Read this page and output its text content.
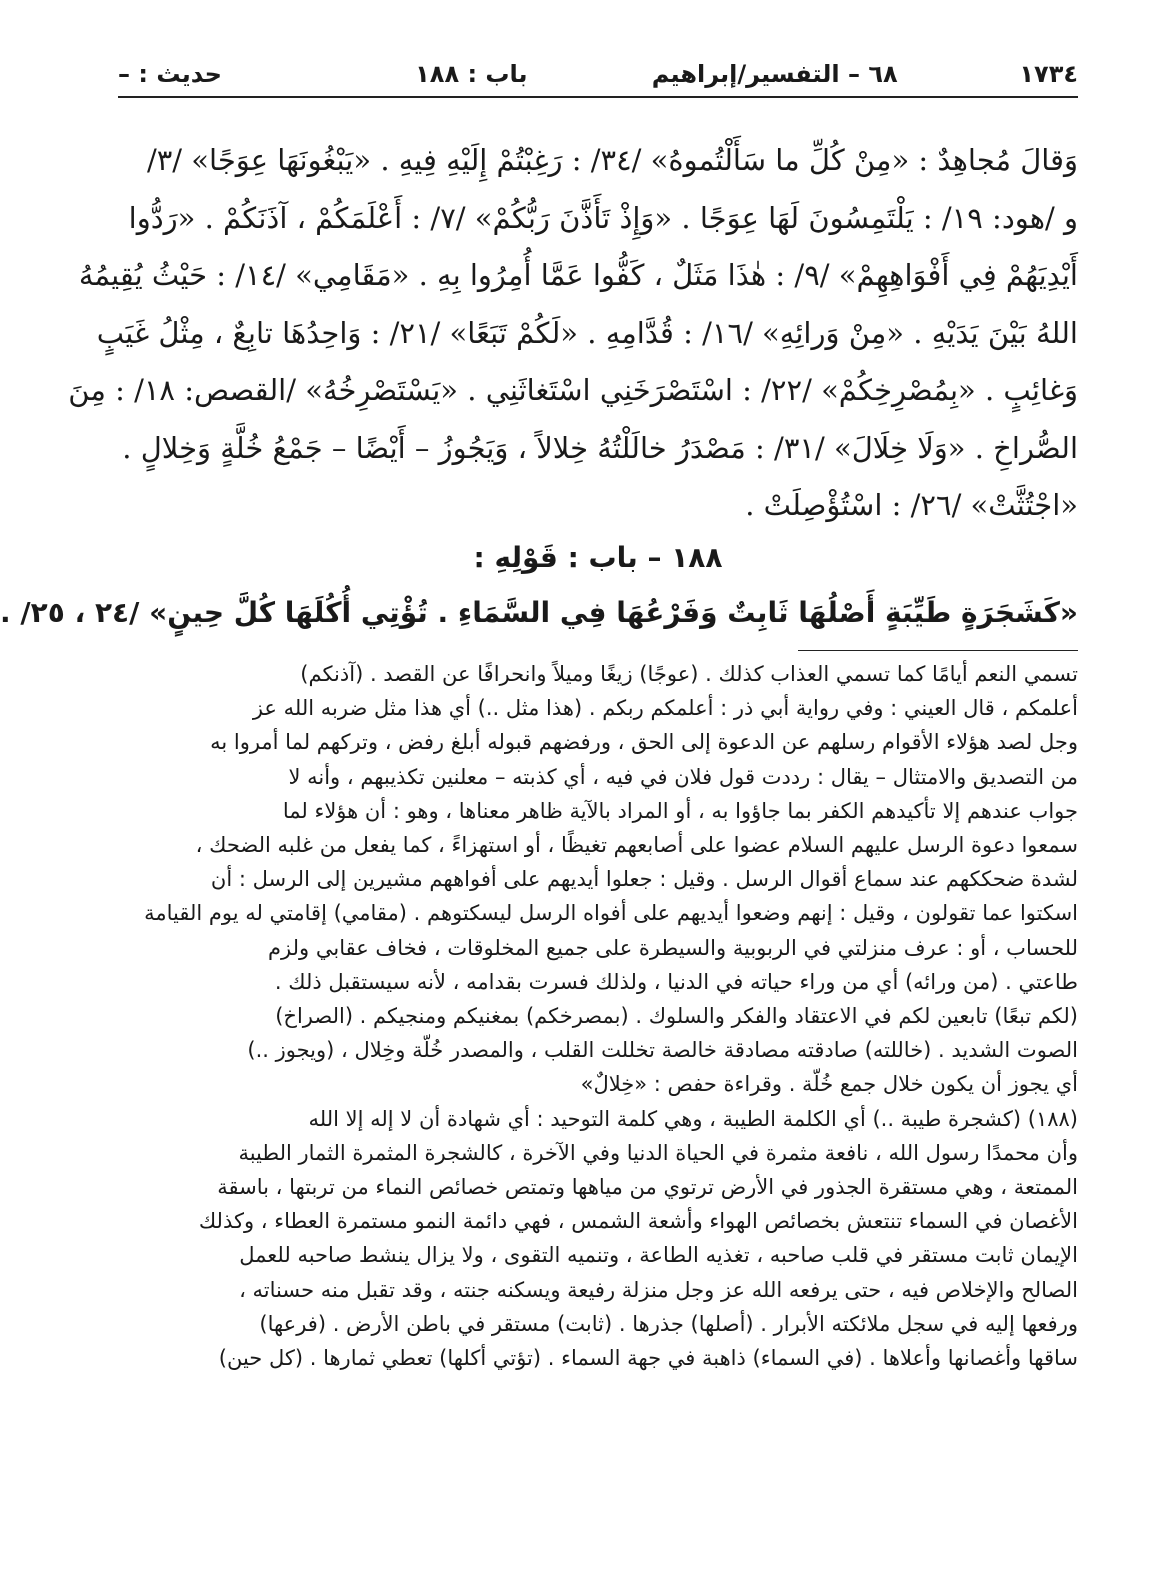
١٧٣٤
٦٨ – التفسير/إبراهيم
باب : ١٨٨
حديث : –
وَقالَ مُجاهِدٌ : «مِنْ كُلِّ ما سَأَلْتُموهُ» /٣٤/ : رَغِبْتُمْ إِلَيْهِ فِيهِ . «يَبْغُونَهَا عِوَجًا» /٣/
و /هود: ١٩/ : يَلْتَمِسُونَ لَهَا عِوَجًا . «وَإِذْ تَأَذَّنَ رَبُّكُمْ» /٧/ : أَعْلَمَكُمْ ، آذَنَكُمْ . «رَدُّوا
أَيْدِيَهُمْ فِي أَفْوَاهِهِمْ» /٩/ : هٰذَا مَثَلٌ ، كَفُّوا عَمَّا أُمِرُوا بِهِ . «مَقَامِي» /١٤/ : حَيْثُ يُقِيمُهُ
اللهُ بَيْنَ يَدَيْهِ . «مِنْ وَرائِهِ» /١٦/ : قُدَّامِهِ . «لَكُمْ تَبَعًا» /٢١/ : وَاحِدُهَا تابِعٌ ، مِثْلُ غَيَبٍ
وَغائِبٍ . «بِمُصْرِخِكُمْ» /٢٢/ : اسْتَصْرَخَنِي اسْتَغاثَنِي . «يَسْتَصْرِخُهُ» /القصص: ١٨/ : مِنَ
الصُّراخِ . «وَلَا خِلَالَ» /٣١/ : مَصْدَرُ خالَلْتُهُ خِلالاً ، وَيَجُوزُ – أَيْضًا – جَمْعُ خُلَّةٍ وَخِلالٍ .
«اجْتُثَّتْ» /٢٦/ : اسْتُؤْصِلَتْ .
١٨٨ – باب : قَوْلِهِ :
«كَشَجَرَةٍ طَيِّبَةٍ أَصْلُهَا ثَابِتٌ وَفَرْعُهَا فِي السَّمَاءِ . تُؤْتِي أُكُلَهَا كُلَّ حِينٍ» /٢٤ ، ٢٥/ .
تسمي النعم أيامًا كما تسمي العذاب كذلك . (عوجًا) زيغًا وميلاً وانحرافًا عن القصد . (آذنكم)
أعلمكم ، قال العيني : وفي رواية أبي ذر : أعلمكم ربكم . (هذا مثل ..) أي هذا مثل ضربه الله عز
وجل لصد هؤلاء الأقوام رسلهم عن الدعوة إلى الحق ، ورفضهم قبوله أبلغ رفض ، وتركهم لما أمروا به
من التصديق والامتثال – يقال : رددت قول فلان في فيه ، أي كذبته – معلنين تكذيبهم ، وأنه لا
جواب عندهم إلا تأكيدهم الكفر بما جاؤوا به ، أو المراد بالآية ظاهر معناها ، وهو : أن هؤلاء لما
سمعوا دعوة الرسل عليهم السلام عضوا على أصابعهم تغيظًا ، أو استهزاءً ، كما يفعل من غلبه الضحك ،
لشدة ضحككهم عند سماع أقوال الرسل . وقيل : جعلوا أيديهم على أفواههم مشيرين إلى الرسل : أن
اسكتوا عما تقولون ، وقيل : إنهم وضعوا أيديهم على أفواه الرسل ليسكتوهم . (مقامي) إقامتي له يوم القيامة
للحساب ، أو : عرف منزلتي في الربوبية والسيطرة على جميع المخلوقات ، فخاف عقابي ولزم
طاعتي . (من ورائه) أي من وراء حياته في الدنيا ، ولذلك فسرت بقدامه ، لأنه سيستقبل ذلك .
(لكم تبعًا) تابعين لكم في الاعتقاد والفكر والسلوك . (بمصرخكم) بمغنيكم ومنجيكم . (الصراخ)
الصوت الشديد . (خاللته) صادقته مصادقة خالصة تخللت القلب ، والمصدر خُلّة وخِلال ، (ويجوز ..)
أي يجوز أن يكون خلال جمع خُلّة . وقراءة حفص : «خِلالٌ»
(١٨٨) (كشجرة طيبة ..) أي الكلمة الطيبة ، وهي كلمة التوحيد : أي شهادة أن لا إله إلا الله
وأن محمدًا رسول الله ، نافعة مثمرة في الحياة الدنيا وفي الآخرة ، كالشجرة المثمرة الثمار الطيبة
الممتعة ، وهي مستقرة الجذور في الأرض ترتوي من مياهها وتمتص خصائص النماء من تربتها ، باسقة
الأغصان في السماء تنتعش بخصائص الهواء وأشعة الشمس ، فهي دائمة النمو مستمرة العطاء ، وكذلك
الإيمان ثابت مستقر في قلب صاحبه ، تغذيه الطاعة ، وتنميه التقوى ، ولا يزال ينشط صاحبه للعمل
الصالح والإخلاص فيه ، حتى يرفعه الله عز وجل منزلة رفيعة ويسكنه جنته ، وقد تقبل منه حسناته ،
ورفعها إليه في سجل ملائكته الأبرار . (أصلها) جذرها . (ثابت) مستقر في باطن الأرض . (فرعها)
ساقها وأغصانها وأعلاها . (في السماء) ذاهبة في جهة السماء . (تؤتي أكلها) تعطي ثمارها . (كل حين)
